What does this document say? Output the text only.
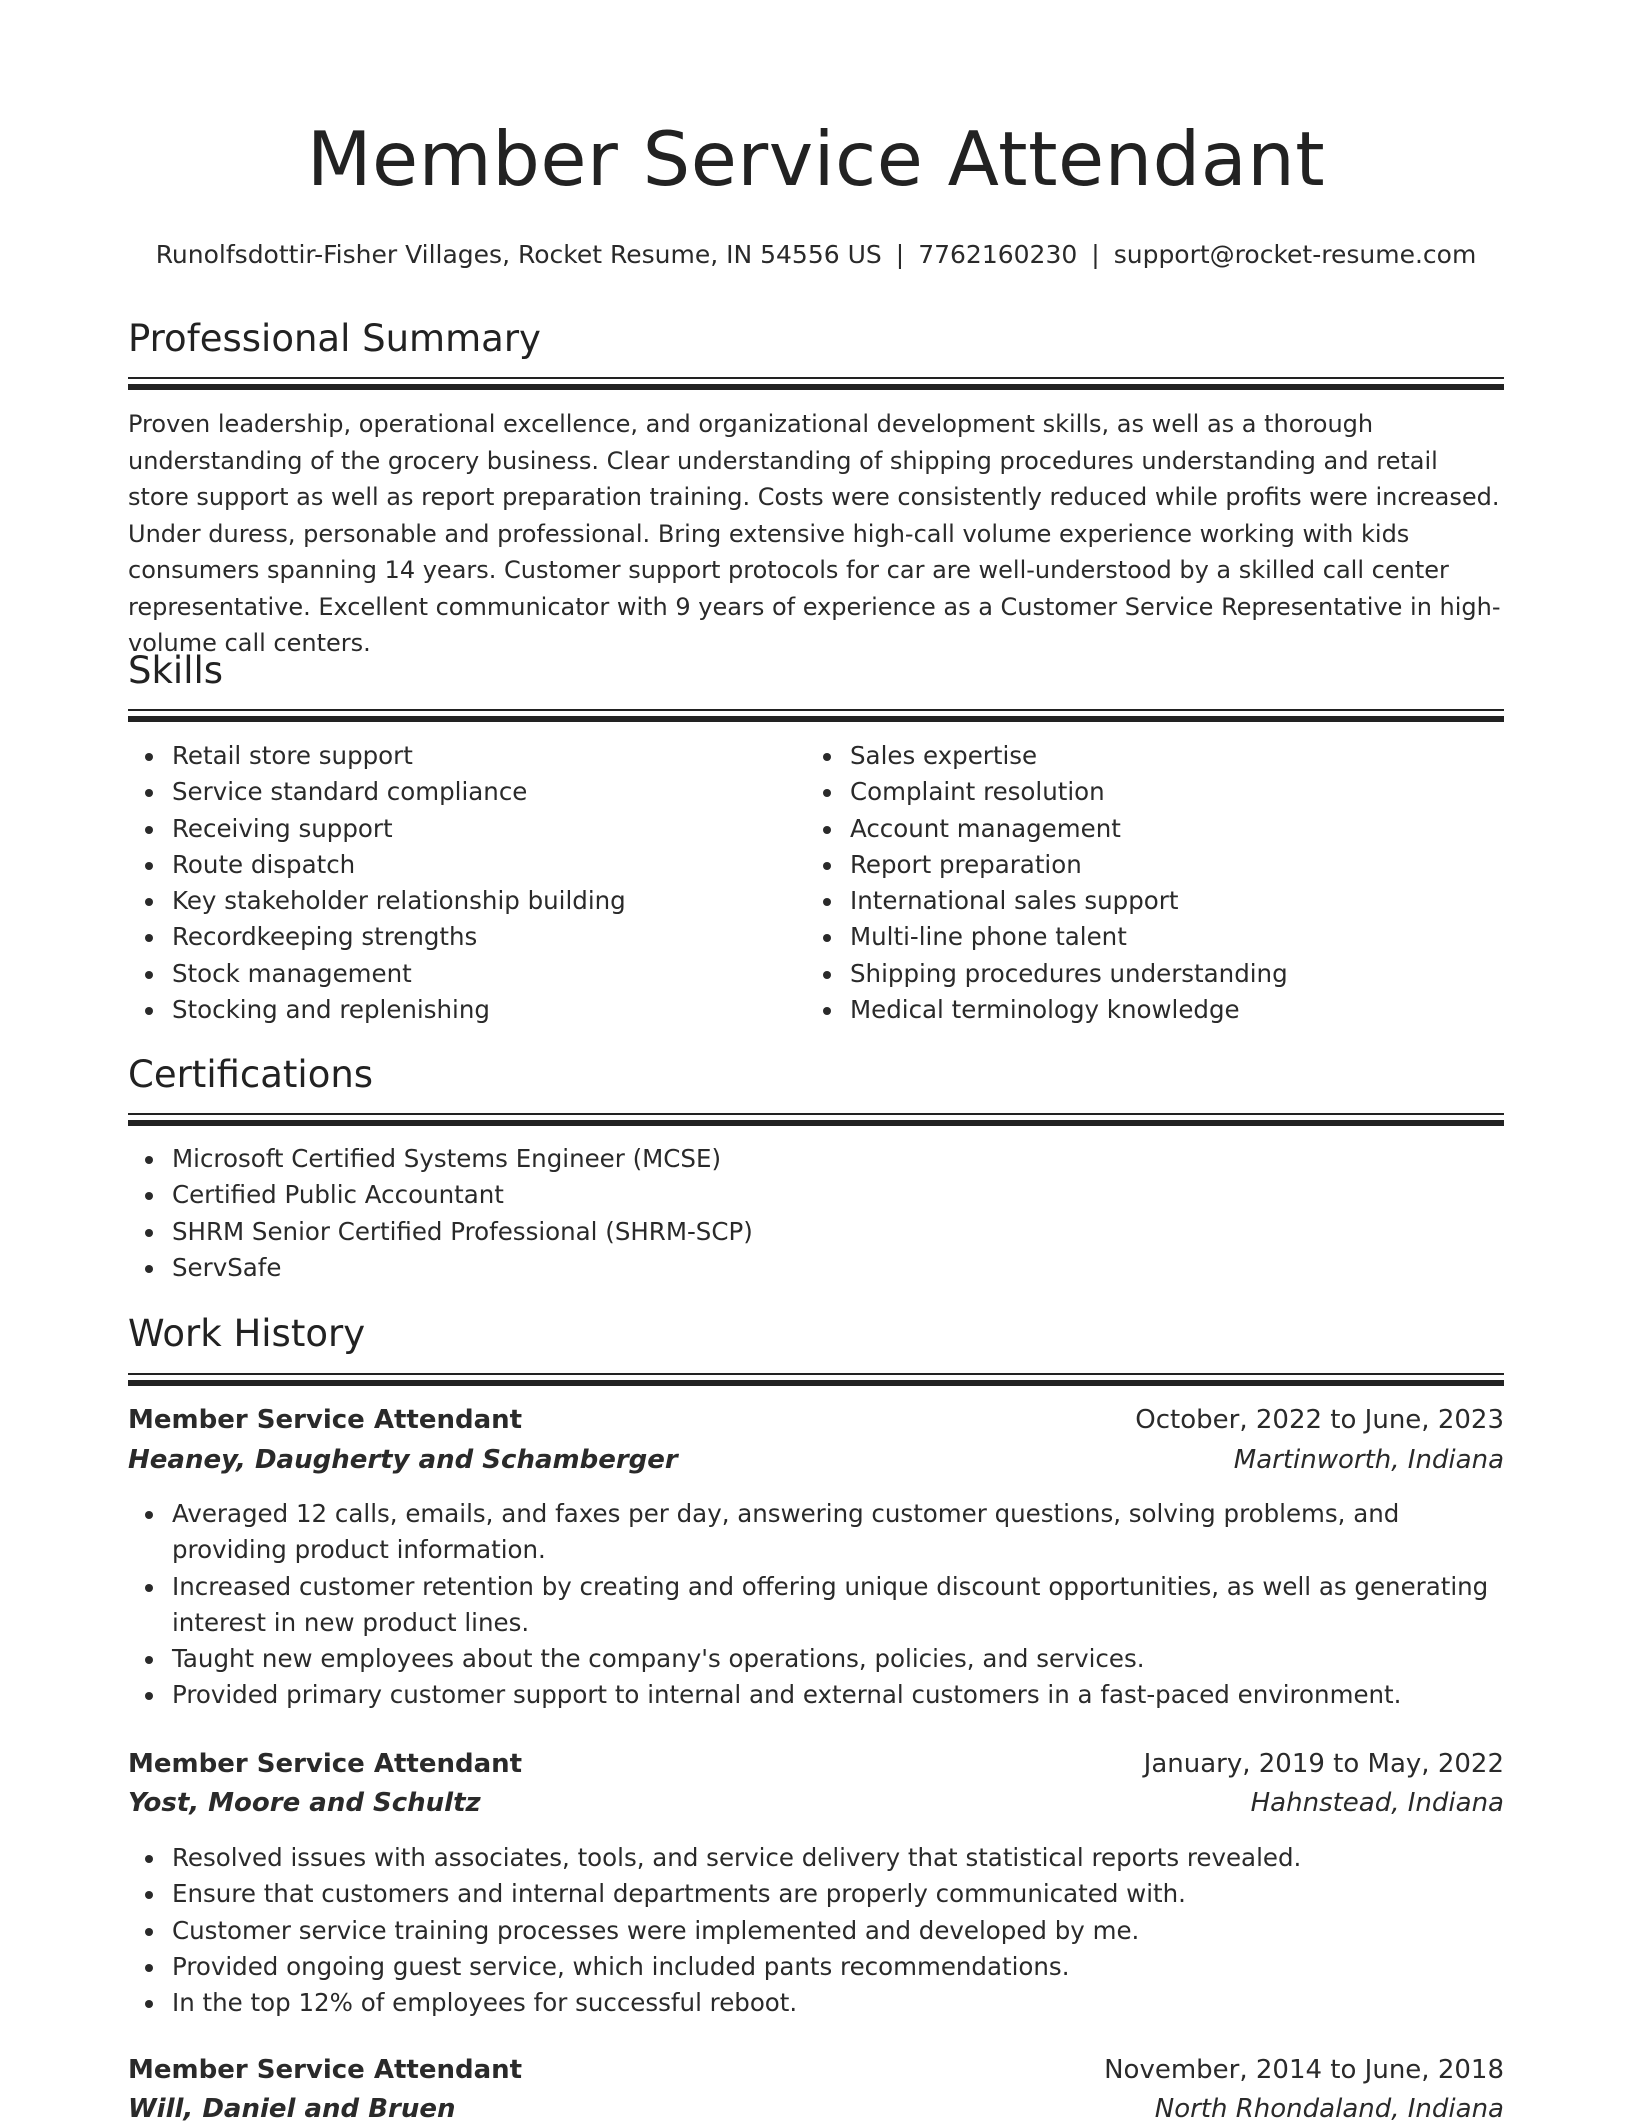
Member Service Attendant
Runolfsdottir-Fisher Villages, Rocket Resume, IN 54556 US | 7762160230 | support@rocket-resume.com
Professional Summary

Proven leadership, operational excellence, and organizational development skills, as well as a thorough understanding of the grocery business. Clear understanding of shipping procedures understanding and retail store support as well as report preparation training. Costs were consistently reduced while profits were increased. Under duress, personable and professional. Bring extensive high-call volume experience working with kids consumers spanning 14 years. Customer support protocols for car are well-understood by a skilled call center representative. Excellent communicator with 9 years of experience as a Customer Service Representative in high-volume call centers.

Skills
Retail store support
Service standard compliance
Receiving support
Route dispatch
Key stakeholder relationship building
Recordkeeping strengths
Stock management
Stocking and replenishing
Sales expertise
Complaint resolution
Account management
Report preparation
International sales support
Multi-line phone talent
Shipping procedures understanding
Medical terminology knowledge
Certifications
Microsoft Certified Systems Engineer (MCSE)
Certified Public Accountant
SHRM Senior Certified Professional (SHRM-SCP)
ServSafe
Work History
Member Service Attendant	October, 2022 to June, 2023
Heaney, Daugherty and Schamberger	Martinworth, Indiana
Averaged 12 calls, emails, and faxes per day, answering customer questions, solving problems, and providing product information.
Increased customer retention by creating and offering unique discount opportunities, as well as generating interest in new product lines.
Taught new employees about the company's operations, policies, and services.
Provided primary customer support to internal and external customers in a fast-paced environment.
Member Service Attendant	January, 2019 to May, 2022
Yost, Moore and Schultz	Hahnstead, Indiana
Resolved issues with associates, tools, and service delivery that statistical reports revealed.
Ensure that customers and internal departments are properly communicated with.
Customer service training processes were implemented and developed by me.
Provided ongoing guest service, which included pants recommendations.
In the top 12% of employees for successful reboot.
Member Service Attendant	November, 2014 to June, 2018
Will, Daniel and Bruen	North Rhondaland, Indiana
